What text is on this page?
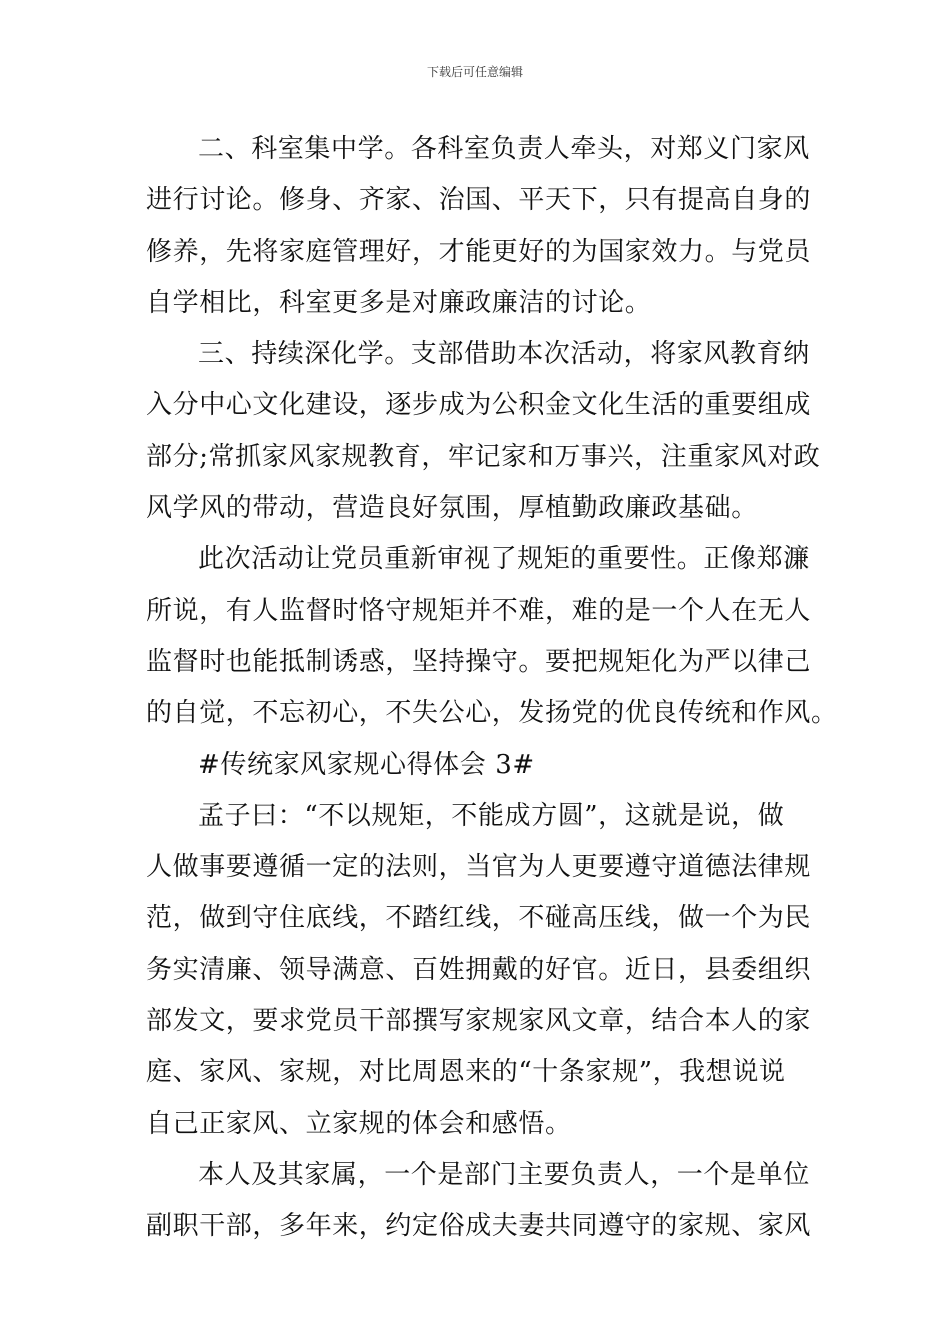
下载后可任意编辑
二、科室集中学。各科室负责人牵头，对郑义门家风
进行讨论。修身、齐家、治国、平天下，只有提高自身的
修养，先将家庭管理好，才能更好的为国家效力。与党员
自学相比，科室更多是对廉政廉洁的讨论。
三、持续深化学。支部借助本次活动，将家风教育纳
入分中心文化建设，逐步成为公积金文化生活的重要组成
部分;常抓家风家规教育，牢记家和万事兴，注重家风对政
风学风的带动，营造良好氛围，厚植勤政廉政基础。
此次活动让党员重新审视了规矩的重要性。正像郑濂
所说，有人监督时恪守规矩并不难，难的是一个人在无人
监督时也能抵制诱惑，坚持操守。要把规矩化为严以律己
的自觉，不忘初心，不失公心，发扬党的优良传统和作风。
#传统家风家规心得体会 3#
孟子曰：“不以规矩，不能成方圆”，这就是说，做
人做事要遵循一定的法则，当官为人更要遵守道德法律规
范，做到守住底线，不踏红线，不碰高压线，做一个为民
务实清廉、领导满意、百姓拥戴的好官。近日，县委组织
部发文，要求党员干部撰写家规家风文章，结合本人的家
庭、家风、家规，对比周恩来的“十条家规”，我想说说
自己正家风、立家规的体会和感悟。
本人及其家属，一个是部门主要负责人，一个是单位
副职干部，多年来，约定俗成夫妻共同遵守的家规、家风
